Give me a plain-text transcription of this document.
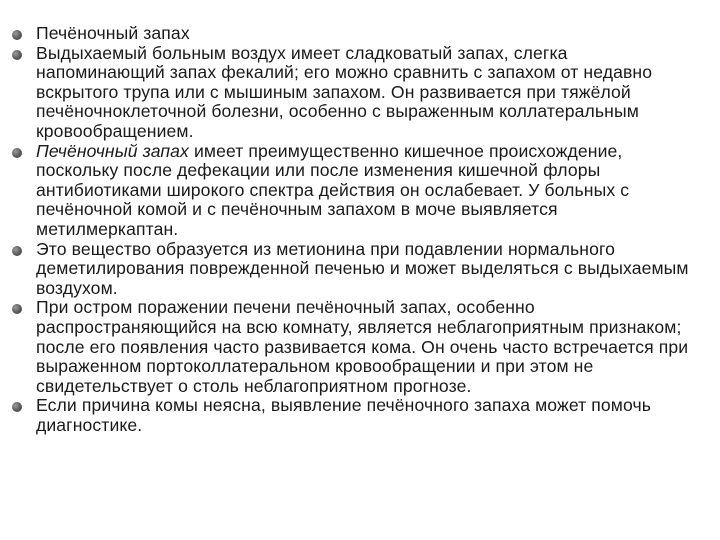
Печёночный запах
Выдыхаемый больным воздух имеет сладковатый запах, слегка напоминающий запах фекалий; его можно сравнить с запахом от недавно вскрытого трупа или с мышиным запахом. Он развивается при тяжёлой печёночноклеточной болезни, особенно с выраженным коллатеральным кровообращением.
Печёночный запах имеет преимущественно кишечное происхождение, поскольку после дефекации или после изменения кишечной флоры антибиотиками широкого спектра действия он ослабевает. У больных с печёночной комой и с печёночным запахом в моче выявляется метилмеркаптан.
Это вещество образуется из метионина при подавлении нормального деметилирования поврежденной печенью и может выделяться с выдыхаемым воздухом.
При остром поражении печени печёночный запах, особенно распространяющийся на всю комнату, является неблагоприятным признаком; после его появления часто развивается кома. Он очень часто встречается при выраженном портоколлатеральном кровообращении и при этом не свидетельствует о столь неблагоприятном прогнозе.
Если причина комы неясна, выявление печёночного запаха может помочь диагностике.
